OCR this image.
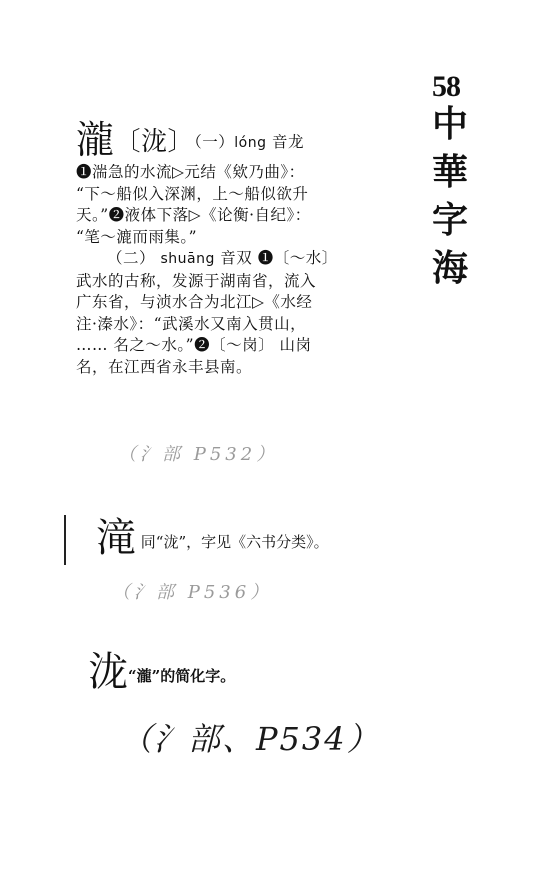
58
中
華
字
海
瀧〔泷〕（一）lóng 音龙
❶湍急的水流▷元结《欸乃曲》：
“下～船似入深渊，上～船似欲升
天。”❷液体下落▷《论衡·自纪》：
“笔～漉而雨集。”
（二） shuāng 音双 ❶〔～水〕
武水的古称，发源于湖南省，流入
广东省，与浈水合为北江▷《水经
注·溱水》：“武溪水又南入贯山，
…… 名之～水。”❷〔～岗〕 山岗
名，在江西省永丰县南。
（氵部 P532）
滝 同“泷”，字见《六书分类》。
（氵部 P536）
泷“瀧”的简化字。
（氵部、P534）
